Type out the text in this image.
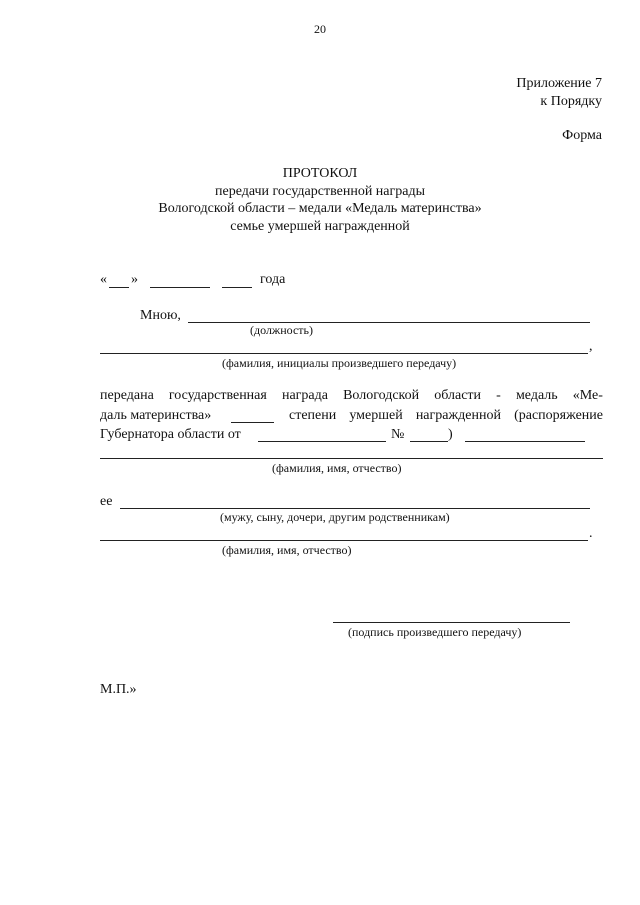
20
Приложение 7
к Порядку
Форма
ПРОТОКОЛ
передачи государственной награды
Вологодской области – медали «Медаль материнства»
семье умершей награжденной
« »	года
Мною,
(должность)
,
(фамилия, инициалы произведшего передачу)
передана государственная награда Вологодской области - медаль «Ме-
даль материнства»	степени умершей награжденной (распоряжение
Губернатора области от	№	)
(фамилия, имя, отчество)
ее
(мужу, сыну, дочери, другим родственникам)
.
(фамилия, имя, отчество)
(подпись произведшего передачу)
М.П.»
